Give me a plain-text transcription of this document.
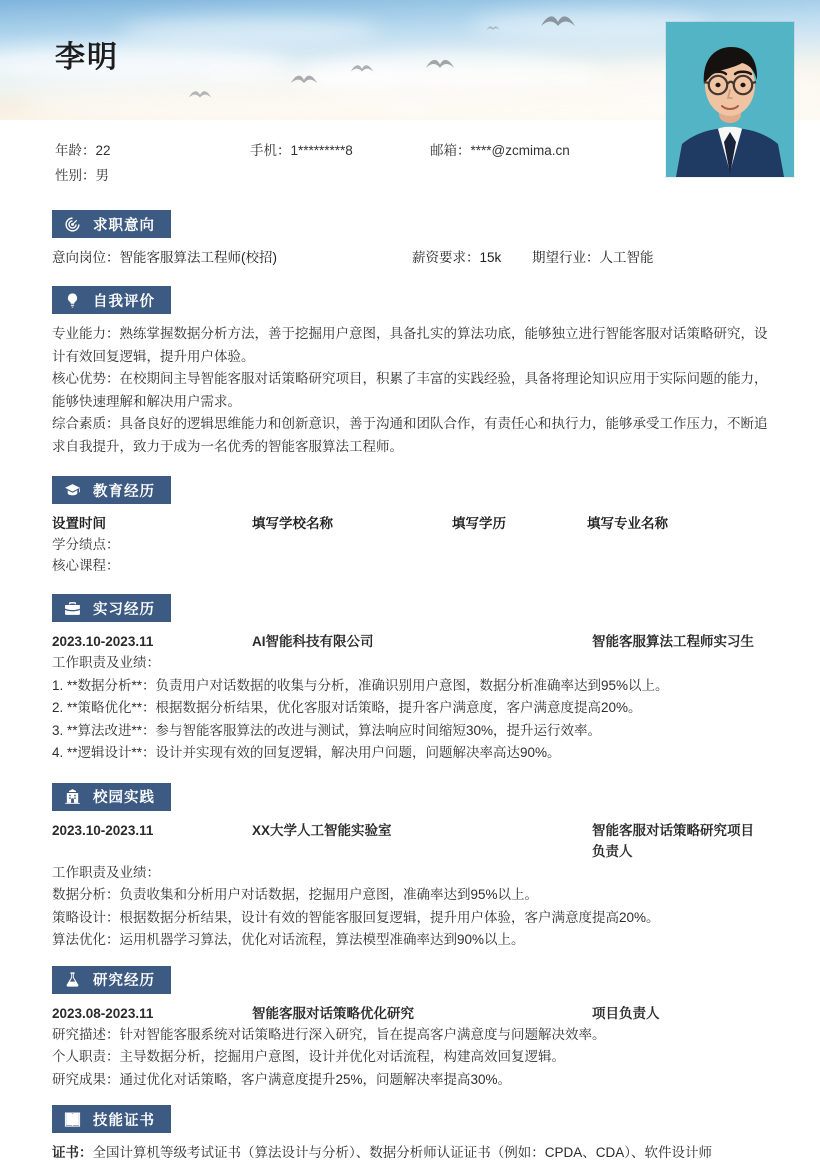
李明
年龄：22	手机：1*********8	邮箱：****@zcmima.cn
性别：男
求职意向
意向岗位：智能客服算法工程师(校招)	薪资要求：15k	期望行业：人工智能
自我评价

专业能力：熟练掌握数据分析方法，善于挖掘用户意图，具备扎实的算法功底，能够独立进行智能客服对话策略研究，设计有效回复逻辑，提升用户体验。

核心优势：在校期间主导智能客服对话策略研究项目，积累了丰富的实践经验，具备将理论知识应用于实际问题的能力，能够快速理解和解决用户需求。

综合素质：具备良好的逻辑思维能力和创新意识，善于沟通和团队合作，有责任心和执行力，能够承受工作压力，不断追求自我提升，致力于成为一名优秀的智能客服算法工程师。

教育经历
设置时间	填写学校名称	填写学历	填写专业名称
学分绩点：
核心课程：
实习经历
2023.10-2023.11	AI智能科技有限公司	智能客服算法工程师实习生

工作职责及业绩：

1. **数据分析**：负责用户对话数据的收集与分析，准确识别用户意图，数据分析准确率达到95%以上。

2. **策略优化**：根据数据分析结果，优化客服对话策略，提升客户满意度，客户满意度提高20%。

3. **算法改进**：参与智能客服算法的改进与测试，算法响应时间缩短30%，提升运行效率。

4. **逻辑设计**：设计并实现有效的回复逻辑，解决用户问题，问题解决率高达90%。

校园实践
2023.10-2023.11	XX大学人工智能实验室	智能客服对话策略研究项目
负责人

工作职责及业绩：

数据分析：负责收集和分析用户对话数据，挖掘用户意图，准确率达到95%以上。

策略设计：根据数据分析结果，设计有效的智能客服回复逻辑，提升用户体验，客户满意度提高20%。

算法优化：运用机器学习算法，优化对话流程，算法模型准确率达到90%以上。

研究经历
2023.08-2023.11	智能客服对话策略优化研究	项目负责人

研究描述：针对智能客服系统对话策略进行深入研究，旨在提高客户满意度与问题解决效率。

个人职责：主导数据分析，挖掘用户意图，设计并优化对话流程，构建高效回复逻辑。

研究成果：通过优化对话策略，客户满意度提升25%，问题解决率提高30%。

技能证书
证书：全国计算机等级考试证书（算法设计与分析）、数据分析师认证证书（例如：CPDA、CDA）、软件设计师
